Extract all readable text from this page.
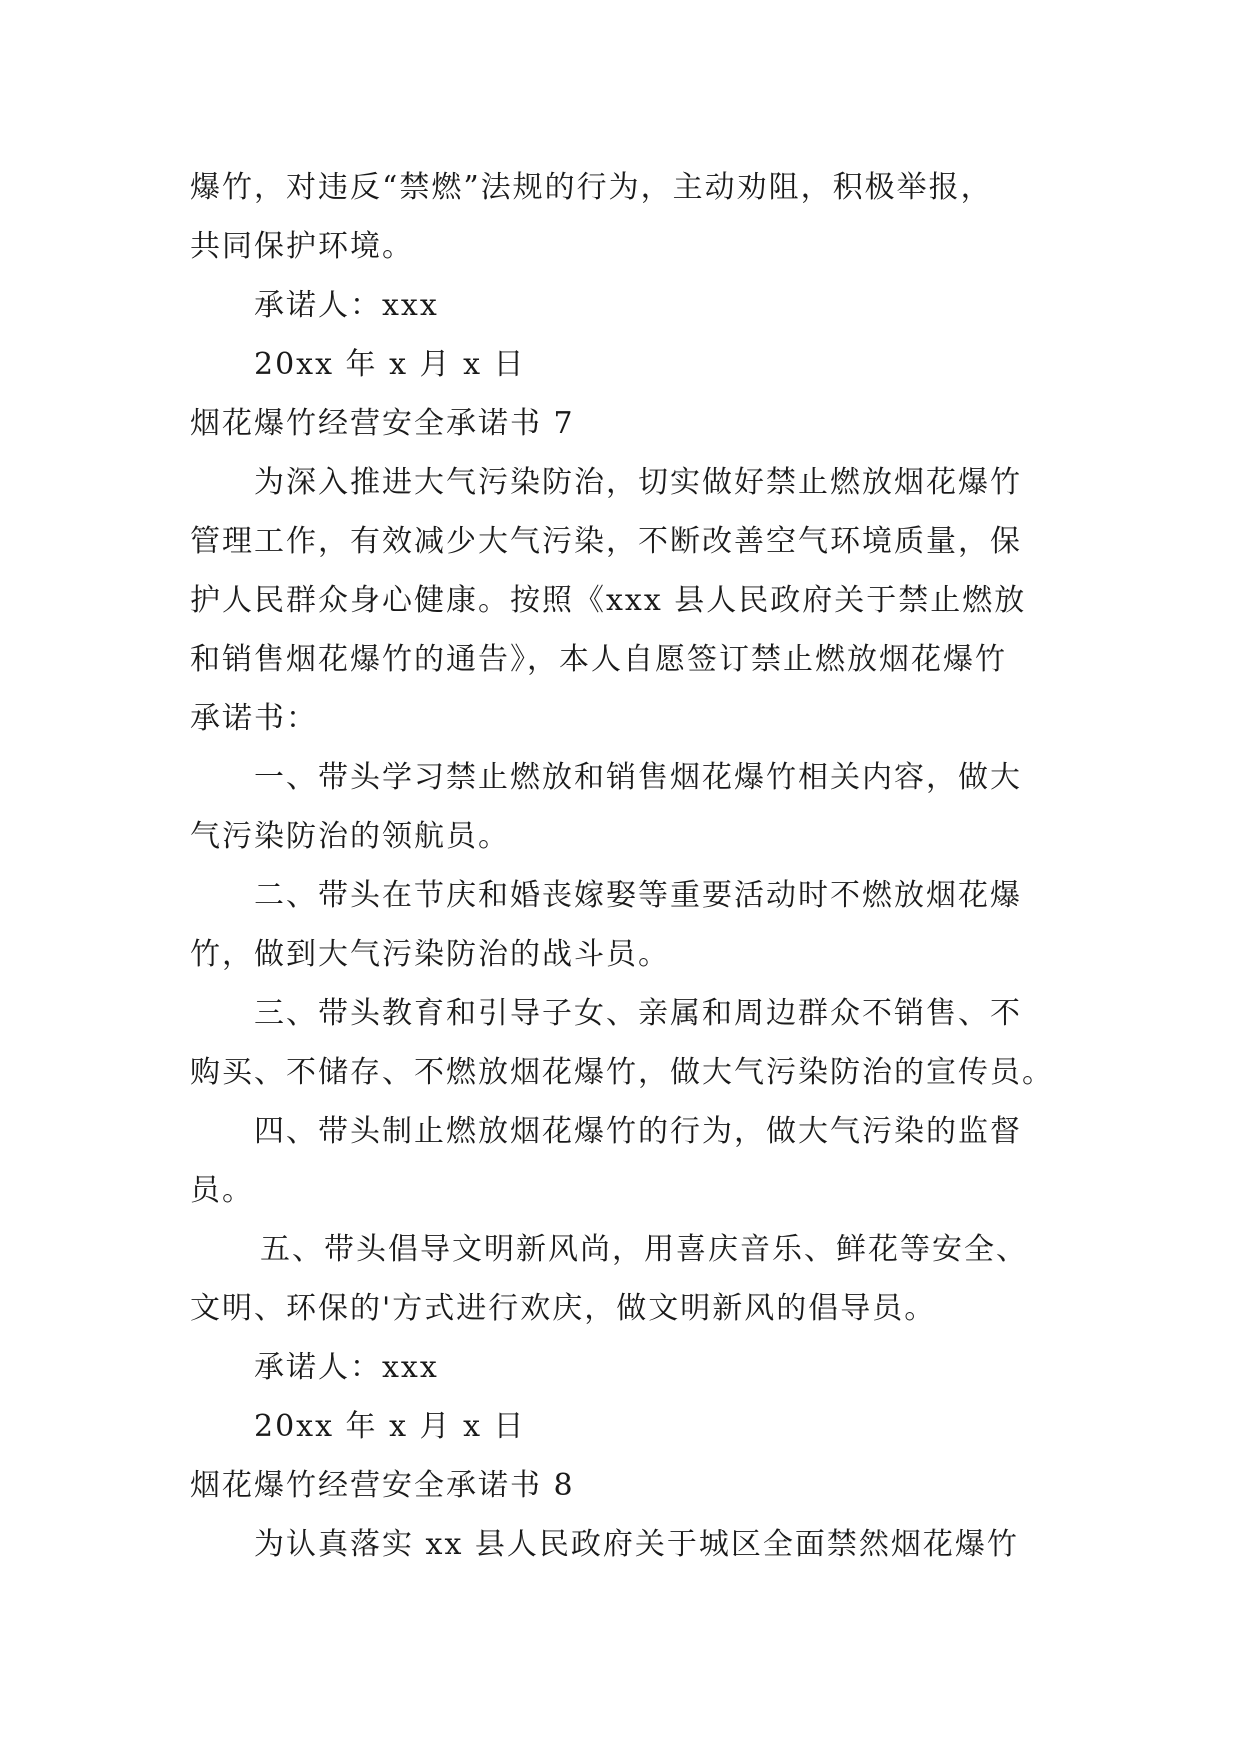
爆竹，对违反“禁燃”法规的行为，主动劝阻，积极举报，
共同保护环境。
承诺人：xxx
20xx 年 x 月 x 日
烟花爆竹经营安全承诺书 7
为深入推进大气污染防治，切实做好禁止燃放烟花爆竹
管理工作，有效减少大气污染，不断改善空气环境质量，保
护人民群众身心健康。按照《xxx 县人民政府关于禁止燃放
和销售烟花爆竹的通告》，本人自愿签订禁止燃放烟花爆竹
承诺书：
一、带头学习禁止燃放和销售烟花爆竹相关内容，做大
气污染防治的领航员。
二、带头在节庆和婚丧嫁娶等重要活动时不燃放烟花爆
竹，做到大气污染防治的战斗员。
三、带头教育和引导子女、亲属和周边群众不销售、不
购买、不储存、不燃放烟花爆竹，做大气污染防治的宣传员。
四、带头制止燃放烟花爆竹的行为，做大气污染的监督
员。
五、带头倡导文明新风尚，用喜庆音乐、鲜花等安全、
文明、环保的'方式进行欢庆，做文明新风的倡导员。
承诺人：xxx
20xx 年 x 月 x 日
烟花爆竹经营安全承诺书 8
为认真落实 xx 县人民政府关于城区全面禁然烟花爆竹
